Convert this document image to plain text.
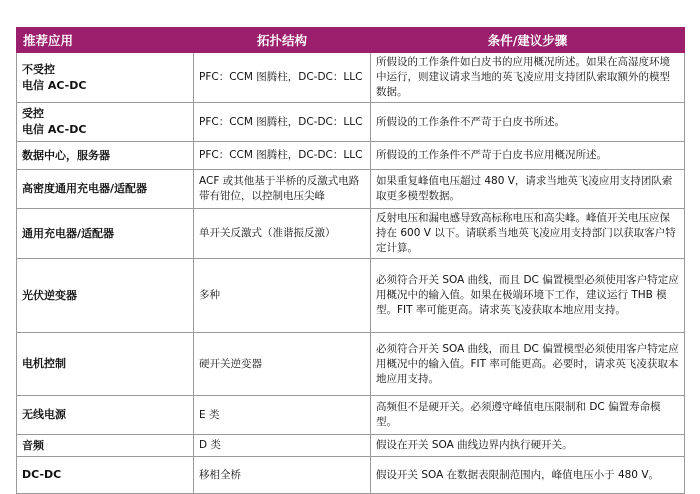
推荐应用	拓扑结构	条件/建议步骤

不受控
电信 AC-DC	PFC：CCM 图腾柱，DC-DC：LLC	所假设的工作条件如白皮书的应用概况所述。如果在高湿度环境中运行，则建议请求当地的英飞凌应用支持团队索取额外的模型数据。

受控
电信 AC-DC	PFC：CCM 图腾柱，DC-DC：LLC	所假设的工作条件不严苛于白皮书所述。

数据中心，服务器	PFC：CCM 图腾柱，DC-DC：LLC	所假设的工作条件不严苛于白皮书应用概况所述。

高密度通用充电器/适配器	ACF 或其他基于半桥的反激式电路带有钳位，以控制电压尖峰	如果重复峰值电压超过 480 V，请求当地英飞凌应用支持团队索取更多模型数据。

通用充电器/适配器	单开关反激式（准谐振反激）	反射电压和漏电感导致高标称电压和高尖峰。峰值开关电压应保持在 600 V 以下。请联系当地英飞凌应用支持部门以获取客户特定计算。

光伏逆变器	多种	必须符合开关 SOA 曲线，而且 DC 偏置模型必须使用客户特定应用概况中的输入值。如果在极端环境下工作，建议运行 THB 模型。FIT 率可能更高。请求英飞凌获取本地应用支持。

电机控制	硬开关逆变器	必须符合开关 SOA 曲线，而且 DC 偏置模型必须使用客户特定应用概况中的输入值。FIT 率可能更高。必要时，请求英飞凌获取本地应用支持。

无线电源	E 类	高频但不是硬开关。必须遵守峰值电压限制和 DC 偏置寿命模型。

音频	D 类	假设在开关 SOA 曲线边界内执行硬开关。

DC-DC	移相全桥	假设开关 SOA 在数据表限制范围内，峰值电压小于 480 V。
